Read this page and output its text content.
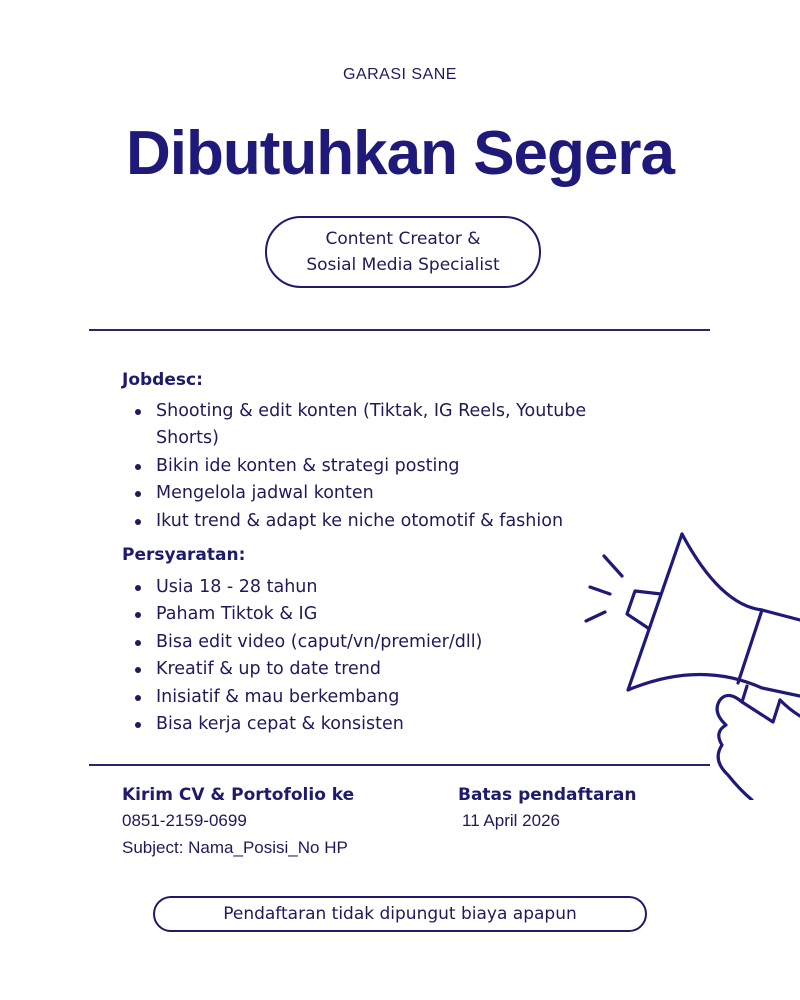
GARASI SANE
Dibutuhkan Segera
Content Creator &
Sosial Media Specialist
Jobdesc:
Shooting & edit konten (Tiktak, IG Reels, Youtube
Shorts)
Bikin ide konten & strategi posting
Mengelola jadwal konten
Ikut trend & adapt ke niche otomotif & fashion
Persyaratan:
Usia 18 - 28 tahun
Paham Tiktok & IG
Bisa edit video (caput/vn/premier/dll)
Kreatif & up to date trend
Inisiatif & mau berkembang
Bisa kerja cepat & konsisten
Kirim CV & Portofolio ke
0851-2159-0699
Subject: Nama_Posisi_No HP
Batas pendaftaran
11 April 2026
Pendaftaran tidak dipungut biaya apapun
